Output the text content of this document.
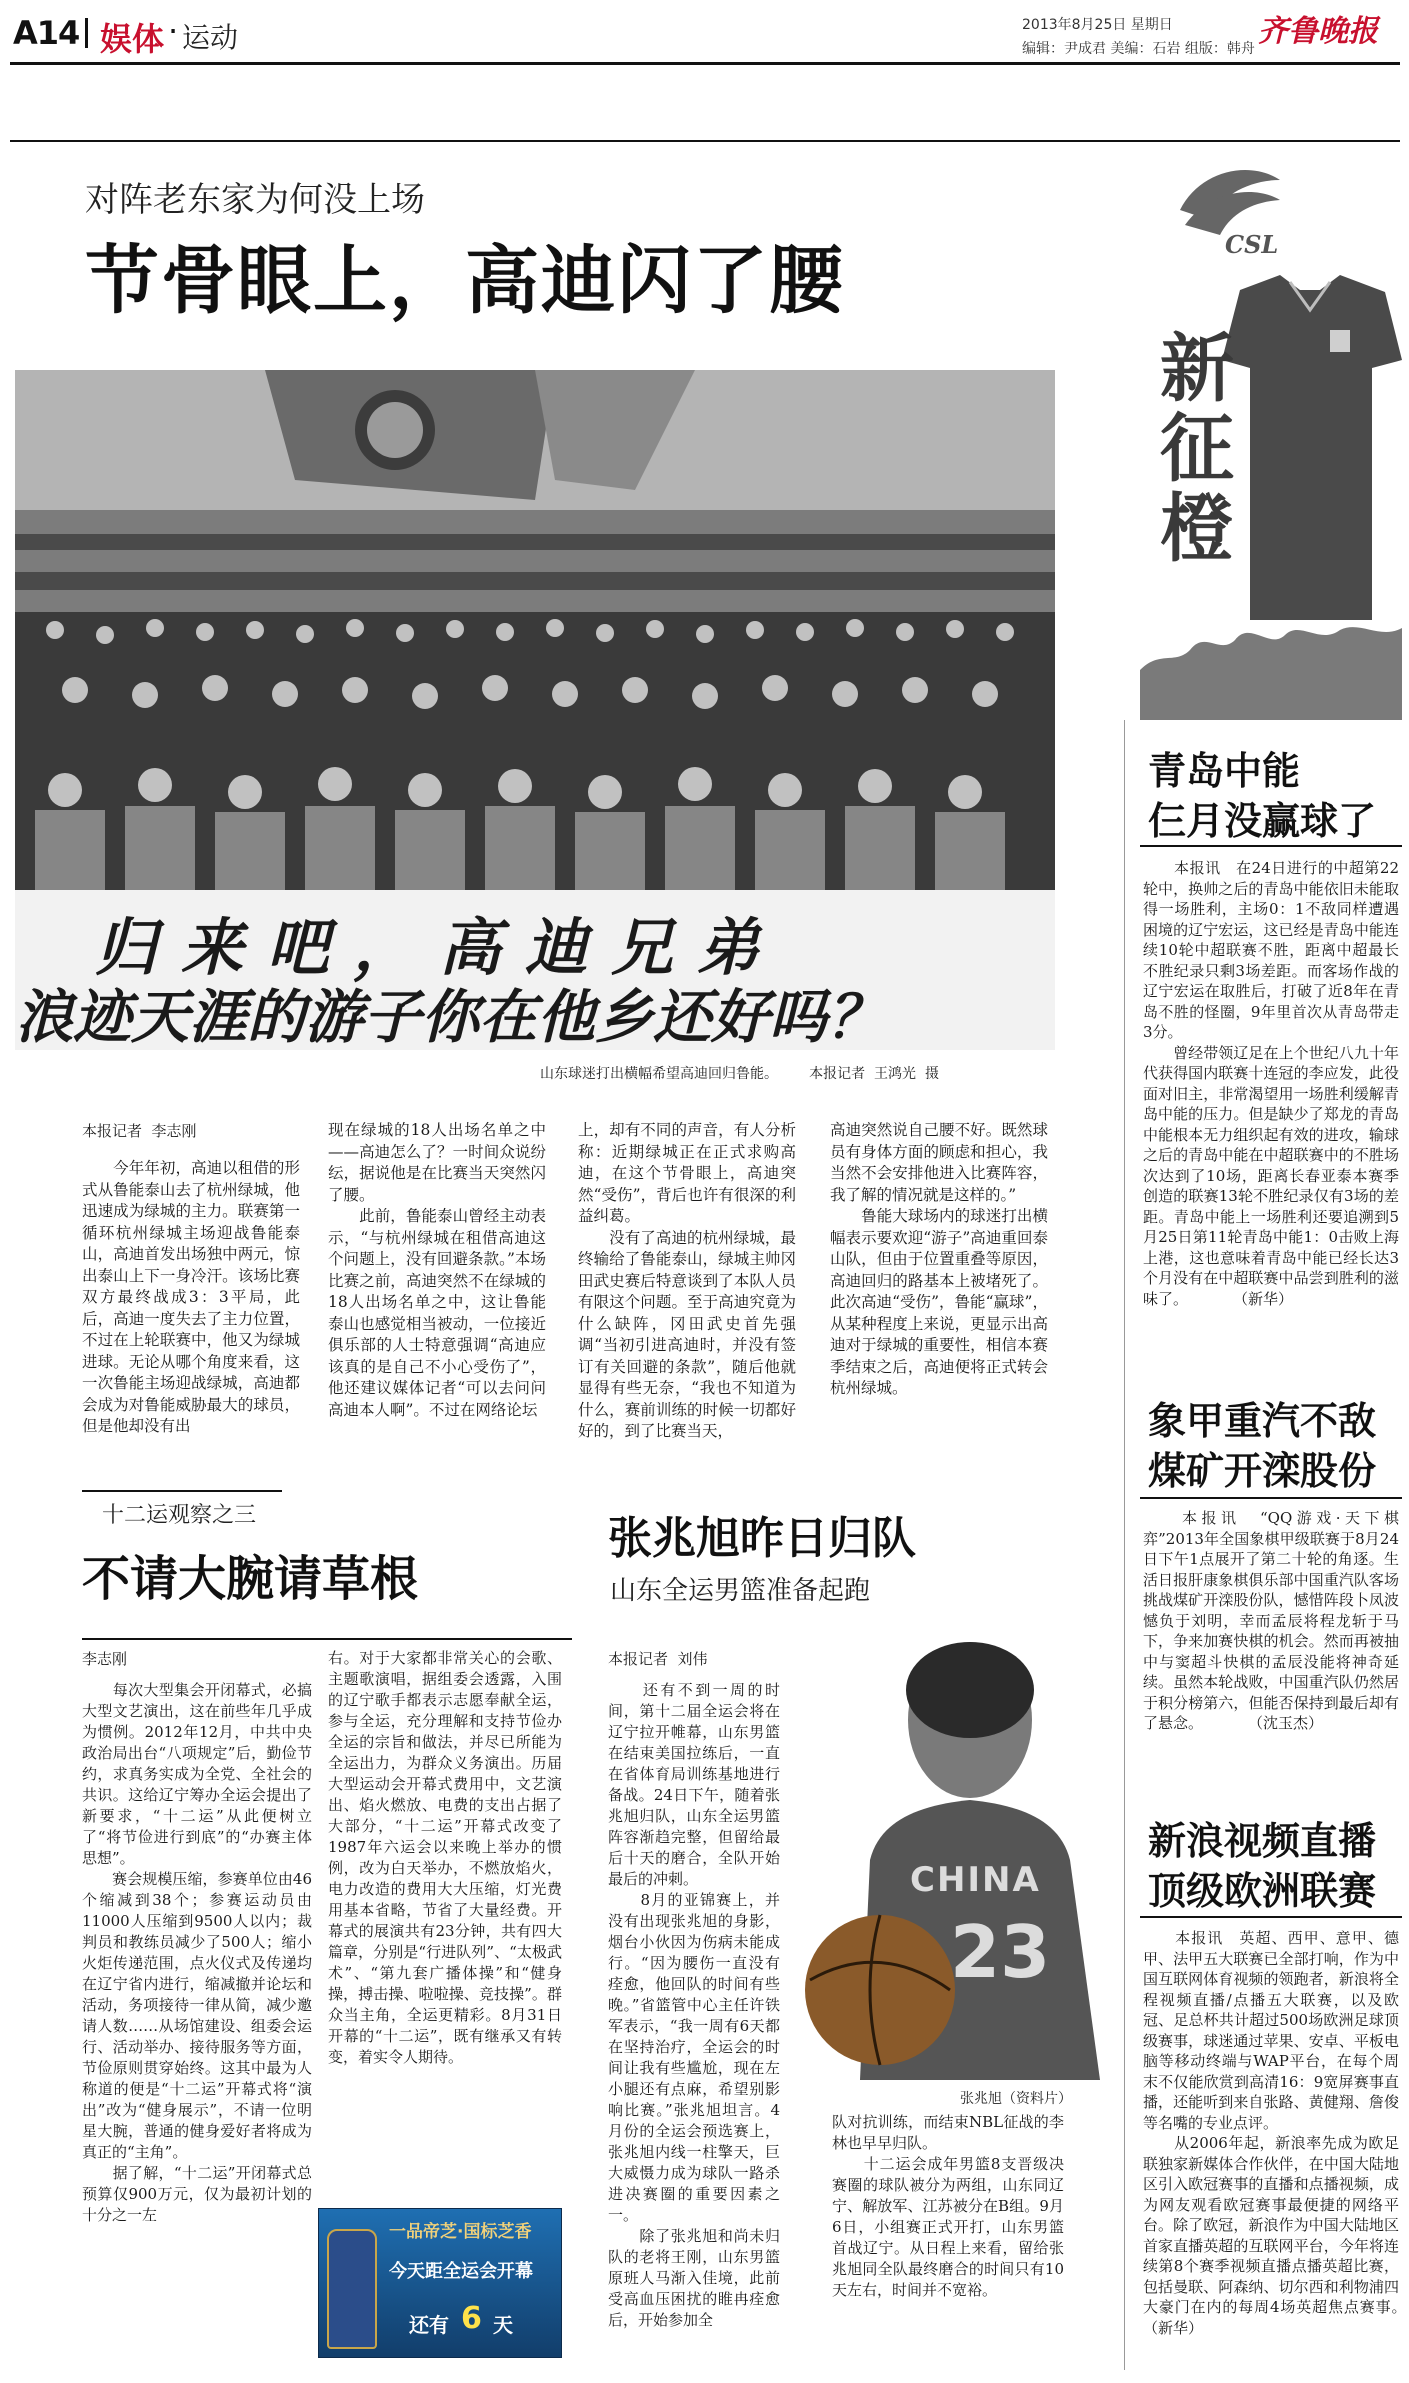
A14 娱体 · 运动	2013年8月25日 星期日	齐鲁晚报
编辑：尹成君 美编：石岩 组版：韩舟
对阵老东家为何没上场
节骨眼上，高迪闪了腰
归来吧，高迪兄弟
浪迹天涯的游子你在他乡还好吗？
山东球迷打出横幅希望高迪回归鲁能。       本报记者  王鸿光  摄
本报记者  李志刚
　　今年年初，高迪以租借的形式从鲁能泰山去了杭州绿城，他迅速成为绿城的主力。联赛第一循环杭州绿城主场迎战鲁能泰山，高迪首发出场独中两元，惊出泰山上下一身冷汗。该场比赛双方最终战成3：3平局，此后，高迪一度失去了主力位置，不过在上轮联赛中，他又为绿城进球。无论从哪个角度来看，这一次鲁能主场迎战绿城，高迪都会成为对鲁能威胁最大的球员，但是他却没有出
现在绿城的18人出场名单之中——高迪怎么了？一时间众说纷纭，据说他是在比赛当天突然闪了腰。
　　此前，鲁能泰山曾经主动表示，“与杭州绿城在租借高迪这个问题上，没有回避条款。”本场比赛之前，高迪突然不在绿城的18人出场名单之中，这让鲁能泰山也感觉相当被动，一位接近俱乐部的人士特意强调“高迪应该真的是自己不小心受伤了”，他还建议媒体记者“可以去问问高迪本人啊”。不过在网络论坛
上，却有不同的声音，有人分析称：近期绿城正在正式求购高迪，在这个节骨眼上，高迪突然“受伤”，背后也许有很深的利益纠葛。
　　没有了高迪的杭州绿城，最终输给了鲁能泰山，绿城主帅冈田武史赛后特意谈到了本队人员有限这个问题。至于高迪究竟为什么缺阵，冈田武史首先强调“当初引进高迪时，并没有签订有关回避的条款”，随后他就显得有些无奈，“我也不知道为什么，赛前训练的时候一切都好好的，到了比赛当天，
高迪突然说自己腰不好。既然球员有身体方面的顾虑和担心，我当然不会安排他进入比赛阵容，我了解的情况就是这样的。”
　　鲁能大球场内的球迷打出横幅表示要欢迎“游子”高迪重回泰山队，但由于位置重叠等原因，高迪回归的路基本上被堵死了。此次高迪“受伤”，鲁能“赢球”，从某种程度上来说，更显示出高迪对于绿城的重要性，相信本赛季结束之后，高迪便将正式转会杭州绿城。
CSL
新
征
橙
青岛中能
仨月没赢球了
　　本报讯　在24日进行的中超第22轮中，换帅之后的青岛中能依旧未能取得一场胜利，主场0：1不敌同样遭遇困境的辽宁宏运，这已经是青岛中能连续10轮中超联赛不胜，距离中超最长不胜纪录只剩3场差距。而客场作战的辽宁宏运在取胜后，打破了近8年在青岛不胜的怪圈，9年里首次从青岛带走3分。
　　曾经带领辽足在上个世纪八九十年代获得国内联赛十连冠的李应发，此役面对旧主，非常渴望用一场胜利缓解青岛中能的压力。但是缺少了郑龙的青岛中能根本无力组织起有效的进攻，输球之后的青岛中能在中超联赛中的不胜场次达到了10场，距离长春亚泰本赛季创造的联赛13轮不胜纪录仅有3场的差距。青岛中能上一场胜利还要追溯到5月25日第11轮青岛中能1：0击败上海上港，这也意味着青岛中能已经长达3个月没有在中超联赛中品尝到胜利的滋味了。　　　　（新华）
象甲重汽不敌
煤矿开滦股份
　　本报讯　“QQ游戏·天下棋弈”2013年全国象棋甲级联赛于8月24日下午1点展开了第二十轮的角逐。生活日报肝康象棋俱乐部中国重汽队客场挑战煤矿开滦股份队，憾惜阵段卜凤波憾负于刘明，幸而孟辰将程龙斩于马下，争来加赛快棋的机会。然而再被抽中与窦超斗快棋的孟辰没能将神奇延续。虽然本轮战败，中国重汽队仍然居于积分榜第六，但能否保持到最后却有了悬念。　　　　（沈玉杰）
新浪视频直播
顶级欧洲联赛
　　本报讯　英超、西甲、意甲、德甲、法甲五大联赛已全部打响，作为中国互联网体育视频的领跑者，新浪将全程视频直播/点播五大联赛，以及欧冠、足总杯共计超过500场欧洲足球顶级赛事，球迷通过苹果、安卓、平板电脑等移动终端与WAP平台，在每个周末不仅能欣赏到高清16：9宽屏赛事直播，还能听到来自张路、黄健翔、詹俊等名嘴的专业点评。
　　从2006年起，新浪率先成为欧足联独家新媒体合作伙伴，在中国大陆地区引入欧冠赛事的直播和点播视频，成为网友观看欧冠赛事最便捷的网络平台。除了欧冠，新浪作为中国大陆地区首家直播英超的互联网平台，今年将连续第8个赛季视频直播点播英超比赛，包括曼联、阿森纳、切尔西和利物浦四大豪门在内的每周4场英超焦点赛事。　　　　（新华）
十二运观察之三
不请大腕请草根
李志刚
　　每次大型集会开闭幕式，必搞大型文艺演出，这在前些年几乎成为惯例。2012年12月，中共中央政治局出台“八项规定”后，勤俭节约，求真务实成为全党、全社会的共识。这给辽宁筹办全运会提出了新要求，“十二运”从此便树立了“将节俭进行到底”的“办赛主体思想”。
　　赛会规模压缩，参赛单位由46个缩减到38个；参赛运动员由11000人压缩到9500人以内；裁判员和教练员减少了500人；缩小火炬传递范围，点火仪式及传递均在辽宁省内进行，缩减撤并论坛和活动，务项接待一律从简，减少邀请人数……从场馆建设、组委会运行、活动举办、接待服务等方面，节俭原则贯穿始终。这其中最为人称道的便是“十二运”开幕式将“演出”改为“健身展示”，不请一位明星大腕，普通的健身爱好者将成为真正的“主角”。
　　据了解，“十二运”开闭幕式总预算仅900万元，仅为最初计划的十分之一左
右。对于大家都非常关心的会歌、主题歌演唱，据组委会透露，入围的辽宁歌手都表示志愿奉献全运，参与全运，充分理解和支持节俭办全运的宗旨和做法，并尽已所能为全运出力，为群众义务演出。历届大型运动会开幕式费用中，文艺演出、焰火燃放、电费的支出占据了大部分，“十二运”开幕式改变了1987年六运会以来晚上举办的惯例，改为白天举办，不燃放焰火，电力改造的费用大大压缩，灯光费用基本省略，节省了大量经费。开幕式的展演共有23分钟，共有四大篇章，分别是“行进队列”、“太极武术”、“第九套广播体操”和“健身操，搏击操、啦啦操、竞技操”。群众当主角，全运更精彩。8月31日开幕的“十二运”，既有继承又有转变，着实令人期待。
一品帝芝·国标芝香
今天距全运会开幕
还有 6 天
张兆旭昨日归队
山东全运男篮准备起跑
本报记者  刘伟
CHINA
23
张兆旭（资料片）
　　还有不到一周的时间，第十二届全运会将在辽宁拉开帷幕，山东男篮在结束美国拉练后，一直在省体育局训练基地进行备战。24日下午，随着张兆旭归队，山东全运男篮阵容渐趋完整，但留给最后十天的磨合，全队开始最后的冲刺。
　　8月的亚锦赛上，并没有出现张兆旭的身影，烟台小伙因为伤病未能成行。“因为腰伤一直没有痊愈，他回队的时间有些晚。”省篮管中心主任许铁军表示，“我一周有6天都在坚持治疗，全运会的时间让我有些尴尬，现在左小腿还有点麻，希望别影响比赛。”张兆旭坦言。4月份的全运会预选赛上，张兆旭内线一柱擎天，巨大威慑力成为球队一路杀进决赛圈的重要因素之一。
　　除了张兆旭和尚未归队的老将王刚，山东男篮原班人马渐入佳境，此前受高血压困扰的睢冉痊愈后，开始参加全
队对抗训练，而结束NBL征战的李林也早早归队。
　　十二运会成年男篮8支晋级决赛圈的球队被分为两组，山东同辽宁、解放军、江苏被分在B组。9月6日，小组赛正式开打，山东男篮首战辽宁。从日程上来看，留给张兆旭同全队最终磨合的时间只有10天左右，时间并不宽裕。
